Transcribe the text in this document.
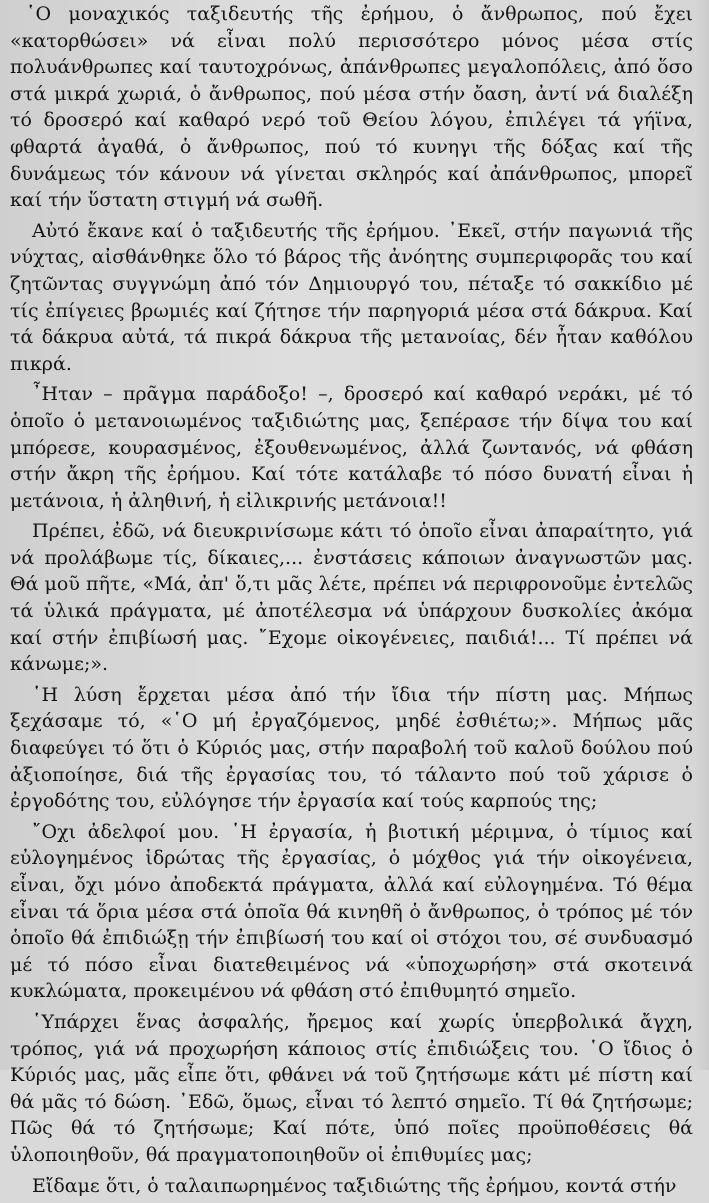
῾Ο μοναχικός ταξιδευτής τῆς ἐρήμου, ὁ ἄνθρωπος, πού ἔχει «κατορθώσει» νά εἶναι πολύ περισσότερο μόνος μέσα στίς πολυάνθρωπες καί ταυτοχρόνως, ἀπάνθρωπες μεγαλοπόλεις, ἀπό ὅσο στά μικρά χωριά, ὁ ἄνθρωπος, πού μέσα στήν ὄαση, ἀντί νά διαλέξη τό δροσερό καί καθαρό νερό τοῦ Θείου λόγου, ἐπιλέγει τά γήϊνα, φθαρτά ἀγαθά, ὁ ἄνθρωπος, πού τό κυνηγι τῆς δόξας καί τῆς δυνάμεως τόν κάνουν νά γίνεται σκληρός καί ἀπάνθρωπος, μπορεῖ καί τήν ὕστατη στιγμή νά σωθῆ.

Αὐτό ἔκανε καί ὁ ταξιδευτής τῆς ἐρήμου. ᾿Εκεῖ, στήν παγωνιά τῆς νύχτας, αἰσθάνθηκε ὅλο τό βάρος τῆς ἀνόητης συμπεριφορᾶς του καί ζητῶντας συγγνώμη ἀπό τόν Δημιουργό του, πέταξε τό σακκίδιο μέ τίς ἐπίγειες βρωμιές καί ζήτησε τήν παρηγοριά μέσα στά δάκρυα. Καί τά δάκρυα αὐτά, τά πικρά δάκρυα τῆς μετανοίας, δέν ἦταν καθόλου πικρά.

῏Ηταν – πρᾶγμα παράδοξο! –, δροσερό καί καθαρό νεράκι, μέ τό ὁποῖο ὁ μετανοιωμένος ταξιδιώτης μας, ξεπέρασε τήν δίψα του καί μπόρεσε, κουρασμένος, ἐξουθενωμένος, ἀλλά ζωντανός, νά φθάση στήν ἄκρη τῆς ἐρήμου. Καί τότε κατάλαβε τό πόσο δυνατή εἶναι ἡ μετάνοια, ἡ ἀληθινή, ἡ εἰλικρινής μετάνοια!!

Πρέπει, ἐδῶ, νά διευκρινίσωμε κάτι τό ὁποῖο εἶναι ἀπαραίτητο, γιά νά προλάβωμε τίς, δίκαιες,... ἐνστάσεις κάποιων ἀναγνωστῶν μας. Θά μοῦ πῆτε, «Μά, ἀπ' ὅ,τι μᾶς λέτε, πρέπει νά περιφρονοῦμε ἐντελῶς τά ὑλικά πράγματα, μέ ἀποτέλεσμα νά ὑπάρχουν δυσκολίες ἀκόμα καί στήν ἐπιβίωσή μας. ῎Εχομε οἰκογένειες, παιδιά!... Τί πρέπει νά κάνωμε;».

῾Η λύση ἔρχεται μέσα ἀπό τήν ἴδια τήν πίστη μας. Μήπως ξεχάσαμε τό, «῾Ο μή ἐργαζόμενος, μηδέ ἐσθιέτω;». Μήπως μᾶς διαφεύγει τό ὅτι ὁ Κύριός μας, στήν παραβολή τοῦ καλοῦ δούλου πού ἀξιοποίησε, διά τῆς ἐργασίας του, τό τάλαντο πού τοῦ χάρισε ὁ ἐργοδότης του, εὐλόγησε τήν ἐργασία καί τούς καρπούς της;

῎Οχι ἀδελφοί μου. ῾Η ἐργασία, ἡ βιοτική μέριμνα, ὁ τίμιος καί εὐλογημένος ἱδρώτας τῆς ἐργασίας, ὁ μόχθος γιά τήν οἰκογένεια, εἶναι, ὄχι μόνο ἀποδεκτά πράγματα, ἀλλά καί εὐλογημένα. Τό θέμα εἶναι τά ὅρια μέσα στά ὁποῖα θά κινηθῆ ὁ ἄνθρωπος, ὁ τρόπος μέ τόν ὁποῖο θά ἐπιδιώξῃ τήν ἐπιβίωσή του καί οἱ στόχοι του, σέ συνδυασμό μέ τό πόσο εἶναι διατεθειμένος νά «ὑποχωρήση» στά σκοτεινά κυκλώματα, προκειμένου νά φθάση στό ἐπιθυμητό σημεῖο.

῾Υπάρχει ἕνας ἀσφαλής, ἤρεμος καί χωρίς ὑπερβολικά ἄγχη, τρόπος, γιά νά προχωρήση κάποιος στίς ἐπιδιώξεις του. ῾Ο ἴδιος ὁ Κύριός μας, μᾶς εἶπε ὅτι, φθάνει νά τοῦ ζητήσωμε κάτι μέ πίστη καί θά μᾶς τό δώση. ᾿Εδῶ, ὅμως, εἶναι τό λεπτό σημεῖο. Τί θά ζητήσωμε; Πῶς θά τό ζητήσωμε; Καί πότε, ὑπό ποῖες προϋποθέσεις θά ὑλοποιηθοῦν, θά πραγματοποιηθοῦν οἱ ἐπιθυμίες μας;

Εἴδαμε ὅτι, ὁ ταλαιπωρημένος ταξιδιώτης τῆς ἐρήμου, κοντά στήν
